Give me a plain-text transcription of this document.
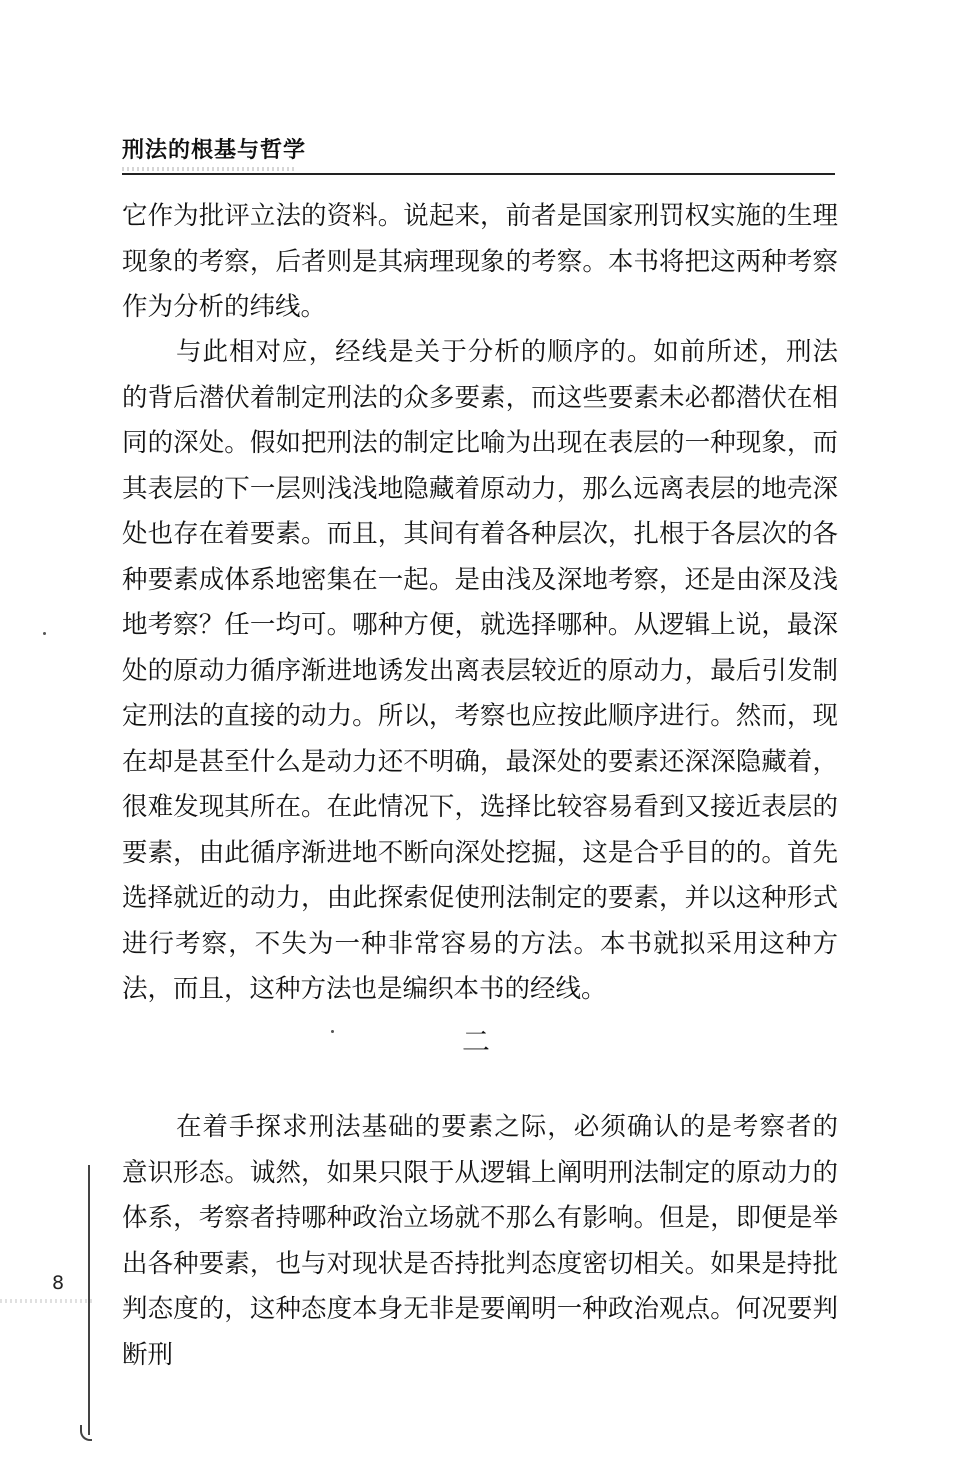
刑法的根基与哲学

它作为批评立法的资料。说起来，前者是国家刑罚权实施的生理现象的考察，后者则是其病理现象的考察。本书将把这两种考察作为分析的纬线。

与此相对应，经线是关于分析的顺序的。如前所述，刑法的背后潜伏着制定刑法的众多要素，而这些要素未必都潜伏在相同的深处。假如把刑法的制定比喻为出现在表层的一种现象，而其表层的下一层则浅浅地隐藏着原动力，那么远离表层的地壳深处也存在着要素。而且，其间有着各种层次，扎根于各层次的各种要素成体系地密集在一起。是由浅及深地考察，还是由深及浅地考察？任一均可。哪种方便，就选择哪种。从逻辑上说，最深处的原动力循序渐进地诱发出离表层较近的原动力，最后引发制定刑法的直接的动力。所以，考察也应按此顺序进行。然而，现在却是甚至什么是动力还不明确，最深处的要素还深深隐藏着，很难发现其所在。在此情况下，选择比较容易看到又接近表层的要素，由此循序渐进地不断向深处挖掘，这是合乎目的的。首先选择就近的动力，由此探索促使刑法制定的要素，并以这种形式进行考察，不失为一种非常容易的方法。本书就拟采用这种方法，而且，这种方法也是编织本书的经线。

二

在着手探求刑法基础的要素之际，必须确认的是考察者的意识形态。诚然，如果只限于从逻辑上阐明刑法制定的原动力的体系，考察者持哪种政治立场就不那么有影响。但是，即便是举出各种要素，也与对现状是否持批判态度密切相关。如果是持批判态度的，这种态度本身无非是要阐明一种政治观点。何况要判断刑

8
